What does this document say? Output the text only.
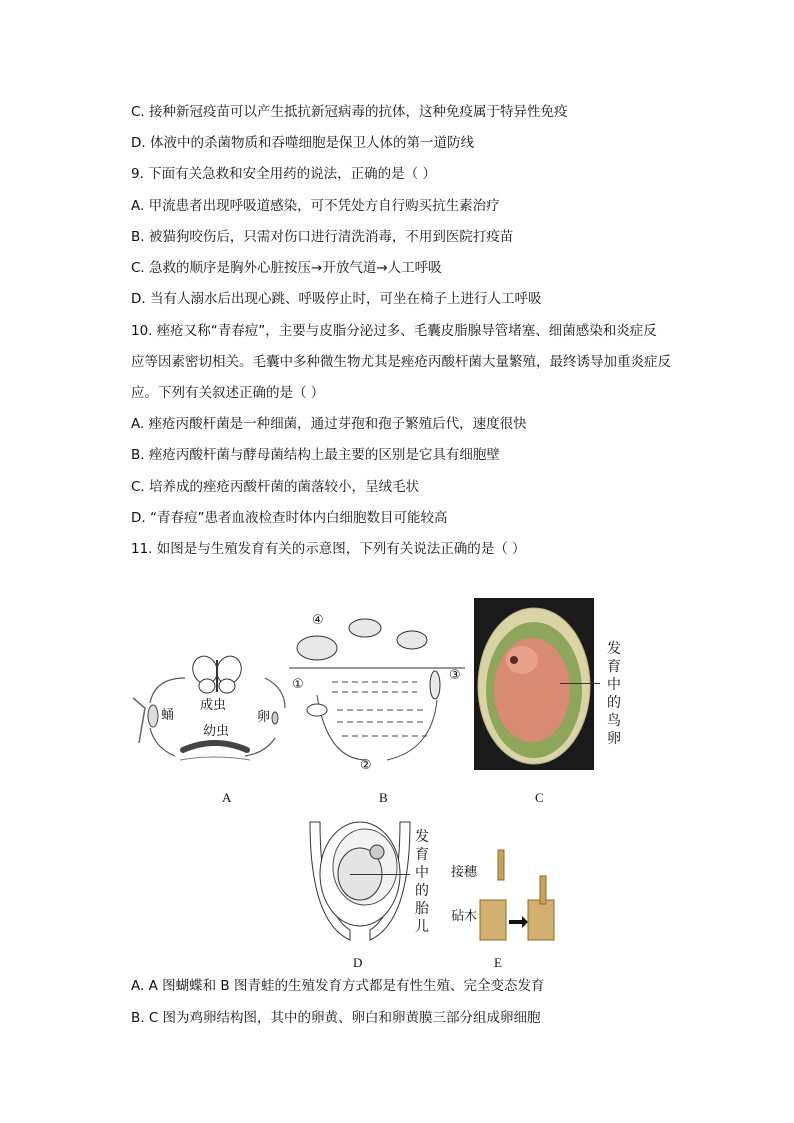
C. 接种新冠疫苗可以产生抵抗新冠病毒的抗体，这种免疫属于特异性免疫
D. 体液中的杀菌物质和吞噬细胞是保卫人体的第一道防线
9. 下面有关急救和安全用药的说法，正确的是（ ）
A. 甲流患者出现呼吸道感染，可不凭处方自行购买抗生素治疗
B. 被猫狗咬伤后，只需对伤口进行清洗消毒，不用到医院打疫苗
C. 急救的顺序是胸外心脏按压→开放气道→人工呼吸
D. 当有人溺水后出现心跳、呼吸停止时，可坐在椅子上进行人工呼吸
10. 痤疮又称“青春痘”，主要与皮脂分泌过多、毛囊皮脂腺导管堵塞、细菌感染和炎症反
应等因素密切相关。毛囊中多种微生物尤其是痤疮丙酸杆菌大量繁殖，最终诱导加重炎症反
应。下列有关叙述正确的是（ ）
A. 痤疮丙酸杆菌是一种细菌，通过芽孢和孢子繁殖后代，速度很快
B. 痤疮丙酸杆菌与酵母菌结构上最主要的区别是它具有细胞壁
C. 培养成的痤疮丙酸杆菌的菌落较小，呈绒毛状
D. “青春痘”患者血液检查时体内白细胞数目可能较高
11. 如图是与生殖发育有关的示意图，下列有关说法正确的是（ ）
成虫
蛹
幼虫
卵
A
④
①
③
②
B
发育中的鸟卵
C
发育中的胎儿
D
接穗
砧木
E
A. A 图蝴蝶和 B 图青蛙的生殖发育方式都是有性生殖、完全变态发育
B. C 图为鸡卵结构图，其中的卵黄、卵白和卵黄膜三部分组成卵细胞
